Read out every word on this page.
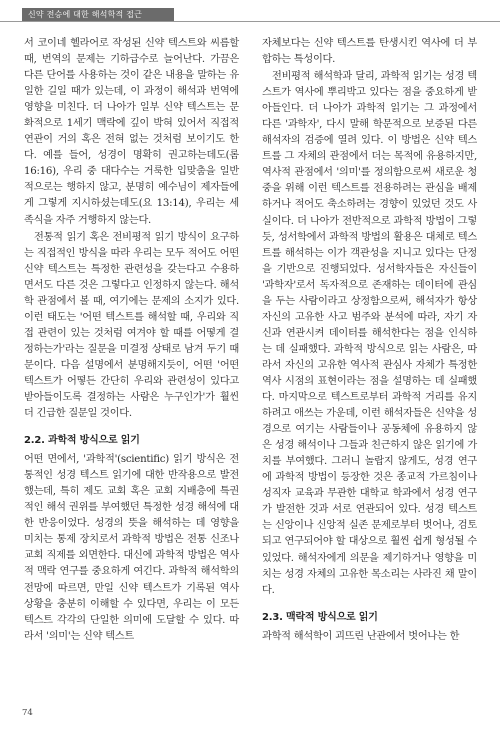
신약 전승에 대한 해석학적 접근

서 코이네 헬라어로 작성된 신약 텍스트와 씨름할 때, 번역의 문제는 기하급수로 늘어난다. 가끔은 다른 단어를 사용하는 것이 같은 내용을 말하는 유일한 길일 때가 있는데, 이 과정이 해석과 번역에 영향을 미친다. 더 나아가 일부 신약 텍스트는 문화적으로 1세기 맥락에 깊이 박혀 있어서 직접적 연관이 거의 혹은 전혀 없는 것처럼 보이기도 한다. 예를 들어, 성경이 명확히 권고하는데도(롬 16:16), 우리 중 대다수는 거룩한 입맞춤을 일반적으로는 행하지 않고, 분명히 예수님이 제자들에게 그렇게 지시하셨는데도(요 13:14), 우리는 세족식을 자주 거행하지 않는다.

전통적 읽기 혹은 전비평적 읽기 방식이 요구하는 직접적인 방식을 따라 우리는 모두 적어도 어떤 신약 텍스트는 특정한 관련성을 갖는다고 수용하면서도 다른 것은 그렇다고 인정하지 않는다. 해석학 관점에서 볼 때, 여기에는 문제의 소지가 있다. 이런 태도는 '어떤 텍스트를 해석할 때, 우리와 직접 관련이 있는 것처럼 여겨야 할 때를 어떻게 결정하는가'라는 질문을 미결정 상태로 남겨 두기 때문이다. 다음 설명에서 분명해지듯이, 어떤 '어떤 텍스트가 어떻든 간단히 우리와 관련성이 있다고 받아들이도록 결정하는 사람은 누구인가'가 훨씬 더 긴급한 질문일 것이다.

2.2. 과학적 방식으로 읽기

어떤 면에서, '과학적'(scientific) 읽기 방식은 전통적인 성경 텍스트 읽기에 대한 반작용으로 발전했는데, 특히 제도 교회 혹은 교회 지배층에 특권적인 해석 권위를 부여했던 특정한 성경 해석에 대한 반응이었다. 성경의 뜻을 해석하는 데 영향을 미치는 통제 장치로서 과학적 방법은 전통 신조나 교회 직제를 외면한다. 대신에 과학적 방법은 역사적 맥락 연구를 중요하게 여긴다. 과학적 해석학의 전망에 따르면, 만일 신약 텍스트가 기록된 역사 상황을 충분히 이해할 수 있다면, 우리는 이 모든 텍스트 각각의 단일한 의미에 도달할 수 있다. 따라서 '의미'는 신약 텍스트

자체보다는 신약 텍스트를 탄생시킨 역사에 더 부합하는 특성이다.

전비평적 해석학과 달리, 과학적 읽기는 성경 텍스트가 역사에 뿌리박고 있다는 점을 중요하게 받아들인다. 더 나아가 과학적 읽기는 그 과정에서 다른 '과학자', 다시 말해 학문적으로 보증된 다른 해석자의 검증에 열려 있다. 이 방법은 신약 텍스트를 그 자체의 관점에서 더는 목적에 유용하지만, 역사적 관점에서 '의미'를 정의함으로써 새로운 청중을 위해 이런 텍스트를 전용하려는 관심을 배제하거나 적어도 축소하려는 경향이 있었던 것도 사실이다. 더 나아가 전반적으로 과학적 방법이 그렇듯, 성서학에서 과학적 방법의 활용은 대체로 텍스트를 해석하는 이가 객관성을 지니고 있다는 단정을 기반으로 진행되었다. 성서학자들은 자신들이 '과학자'로서 독자적으로 존재하는 데이터에 관심을 두는 사람이라고 상정함으로써, 해석자가 항상 자신의 고유한 사고 범주와 분석에 따라, 자기 자신과 연관시켜 데이터를 해석한다는 점을 인식하는 데 실패했다. 과학적 방식으로 읽는 사람은, 따라서 자신의 고유한 역사적 관심사 자체가 특정한 역사 시점의 표현이라는 점을 설명하는 데 실패했다. 마지막으로 텍스트로부터 과학적 거리를 유지하려고 애쓰는 가운데, 이런 해석자들은 신약을 성경으로 여기는 사람들이나 공동체에 유용하지 않은 성경 해석이나 그들과 친근하지 않은 읽기에 가치를 부여했다. 그러니 놀랍지 않게도, 성경 연구에 과학적 방법이 등장한 것은 종교적 가르침이나 성직자 교육과 무관한 대학교 학과에서 성경 연구가 발전한 것과 서로 연관되어 있다. 성경 텍스트는 신앙이나 신앙적 실존 문제로부터 벗어나, 검토되고 연구되어야 할 대상으로 훨씬 쉽게 형성될 수 있었다. 해석자에게 의문을 제기하거나 영향을 미치는 성경 자체의 고유한 목소리는 사라진 채 말이다.

2.3. 맥락적 방식으로 읽기

과학적 해석학이 괴뜨린 난관에서 벗어나는 한

74
